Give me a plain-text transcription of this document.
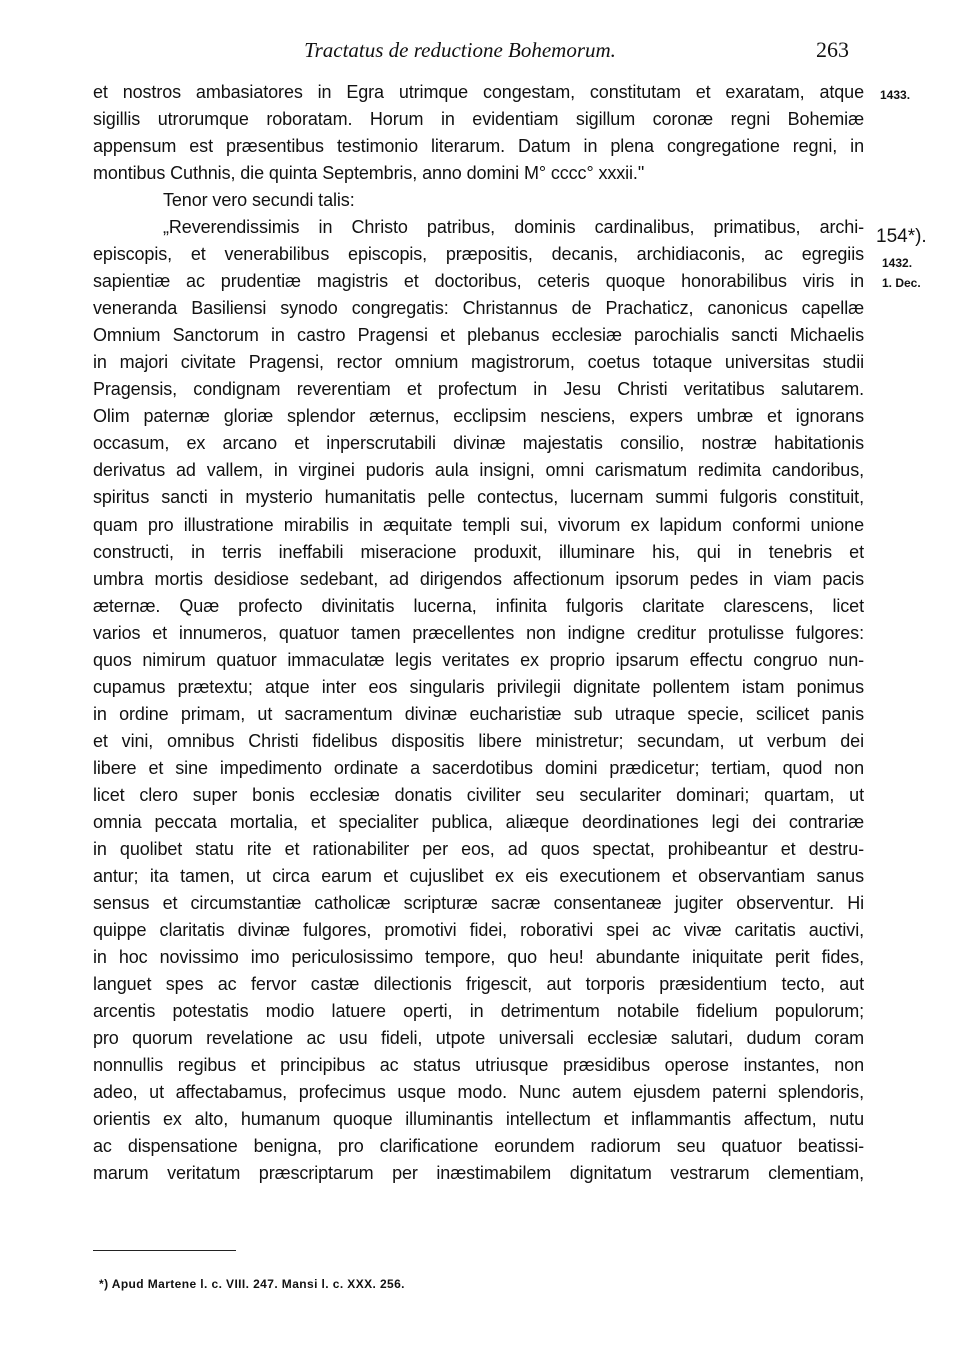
Tractatus de reductione Bohemorum.	263
1433.
154*).
1432.
1. Dec.
et nostros ambasiatores in Egra utrimque congestam, constitutam et exaratam, atque
sigillis utrorumque roboratam. Horum in evidentiam sigillum coronæ regni Bohemiæ
appensum est præsentibus testimonio literarum. Datum in plena congregatione regni, in
montibus Cuthnis, die quinta Septembris, anno domini M° cccc° xxxii."
Tenor vero secundi talis:
„Reverendissimis in Christo patribus, dominis cardinalibus, primatibus, archi-
episcopis, et venerabilibus episcopis, præpositis, decanis, archidiaconis, ac egregiis
sapientiæ ac prudentiæ magistris et doctoribus, ceteris quoque honorabilibus viris in
veneranda Basiliensi synodo congregatis: Christannus de Prachaticz, canonicus capellæ
Omnium Sanctorum in castro Pragensi et plebanus ecclesiæ parochialis sancti Michaelis
in majori civitate Pragensi, rector omnium magistrorum, coetus totaque universitas studii
Pragensis, condignam reverentiam et profectum in Jesu Christi veritatibus salutarem.
Olim paternæ gloriæ splendor æternus, ecclipsim nesciens, expers umbræ et ignorans
occasum, ex arcano et inperscrutabili divinæ majestatis consilio, nostræ habitationis
derivatus ad vallem, in virginei pudoris aula insigni, omni carismatum redimita candoribus,
spiritus sancti in mysterio humanitatis pelle contectus, lucernam summi fulgoris constituit,
quam pro illustratione mirabilis in æquitate templi sui, vivorum ex lapidum conformi unione
constructi, in terris ineffabili miseracione produxit, illuminare his, qui in tenebris et
umbra mortis desidiose sedebant, ad dirigendos affectionum ipsorum pedes in viam pacis
æternæ. Quæ profecto divinitatis lucerna, infinita fulgoris claritate clarescens, licet
varios et innumeros, quatuor tamen præcellentes non indigne creditur protulisse fulgores:
quos nimirum quatuor immaculatæ legis veritates ex proprio ipsarum effectu congruo nun-
cupamus prætextu; atque inter eos singularis privilegii dignitate pollentem istam ponimus
in ordine primam, ut sacramentum divinæ eucharistiæ sub utraque specie, scilicet panis
et vini, omnibus Christi fidelibus dispositis libere ministretur; secundam, ut verbum dei
libere et sine impedimento ordinate a sacerdotibus domini prædicetur; tertiam, quod non
licet clero super bonis ecclesiæ donatis civiliter seu seculariter dominari; quartam, ut
omnia peccata mortalia, et specialiter publica, aliæque deordinationes legi dei contrariæ
in quolibet statu rite et rationabiliter per eos, ad quos spectat, prohibeantur et destru-
antur; ita tamen, ut circa earum et cujuslibet ex eis executionem et observantiam sanus
sensus et circumstantiæ catholicæ scripturæ sacræ consentaneæ jugiter observentur. Hi
quippe claritatis divinæ fulgores, promotivi fidei, roborativi spei ac vivæ caritatis auctivi,
in hoc novissimo imo periculosissimo tempore, quo heu! abundante iniquitate perit fides,
languet spes ac fervor castæ dilectionis frigescit, aut torporis præsidentium tecto, aut
arcentis potestatis modio latuere operti, in detrimentum notabile fidelium populorum;
pro quorum revelatione ac usu fideli, utpote universali ecclesiæ salutari, dudum coram
nonnullis regibus et principibus ac status utriusque præsidibus operose instantes, non
adeo, ut affectabamus, profecimus usque modo. Nunc autem ejusdem paterni splendoris,
orientis ex alto, humanum quoque illuminantis intellectum et inflammantis affectum, nutu
ac dispensatione benigna, pro clarificatione eorundem radiorum seu quatuor beatissi-
marum veritatum præscriptarum per inæstimabilem dignitatum vestrarum clementiam,
*) Apud Martene l. c. VIII. 247. Mansi l. c. XXX. 256.
